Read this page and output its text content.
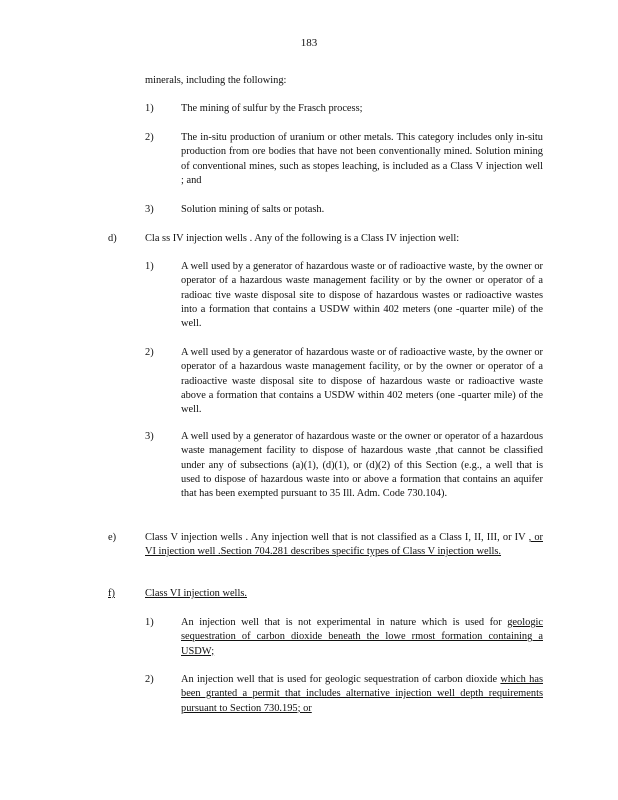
183
minerals, including the following:
1)	The mining of sulfur by the Frasch process;
2)	The in-situ production of uranium or other metals. This category includes only in-situ production from ore bodies that have not been conventionally mined. Solution mining of conventional mines, such as stopes leaching, is included as a Class V injection well ; and
3)	Solution mining of salts or potash.
d)	Cla ss IV injection wells . Any of the following is a Class IV injection well:
1)	A well used by a generator of hazardous waste or of radioactive waste, by the owner or operator of a hazardous waste management facility or by the owner or operator of a radioac tive waste disposal site to dispose of hazardous wastes or radioactive wastes into a formation that contains a USDW within 402 meters (one -quarter mile) of the well.
2)	A well used by a generator of hazardous waste or of radioactive waste, by the owner or operator of a hazardous waste management facility, or by the owner or operator of a radioactive waste disposal site to dispose of hazardous waste or radioactive waste above a formation that contains a USDW within 402 meters (one -quarter mile) of the well.
3)	A well used by a generator of hazardous waste or the owner or operator of a hazardous waste management facility to dispose of hazardous waste ,that cannot be classified under any of subsections (a)(1), (d)(1), or (d)(2) of this Section (e.g., a well that is used to dispose of hazardous waste into or above a formation that contains an aquifer that has been exempted pursuant to 35 Ill. Adm. Code 730.104).
e)	Class V injection wells . Any injection well that is not classified as a Class I, II, III, or IV , or VI injection well .Section 704.281 describes specific types of Class V injection wells.
f)	Class VI injection wells.
1)	An injection well that is not experimental in nature which is used for geologic sequestration of carbon dioxide beneath the lowe rmost formation containing a USDW;
2)	An injection well that is used for geologic sequestration of carbon dioxide which has been granted a permit that includes alternative injection well depth requirements pursuant to Section 730.195; or
